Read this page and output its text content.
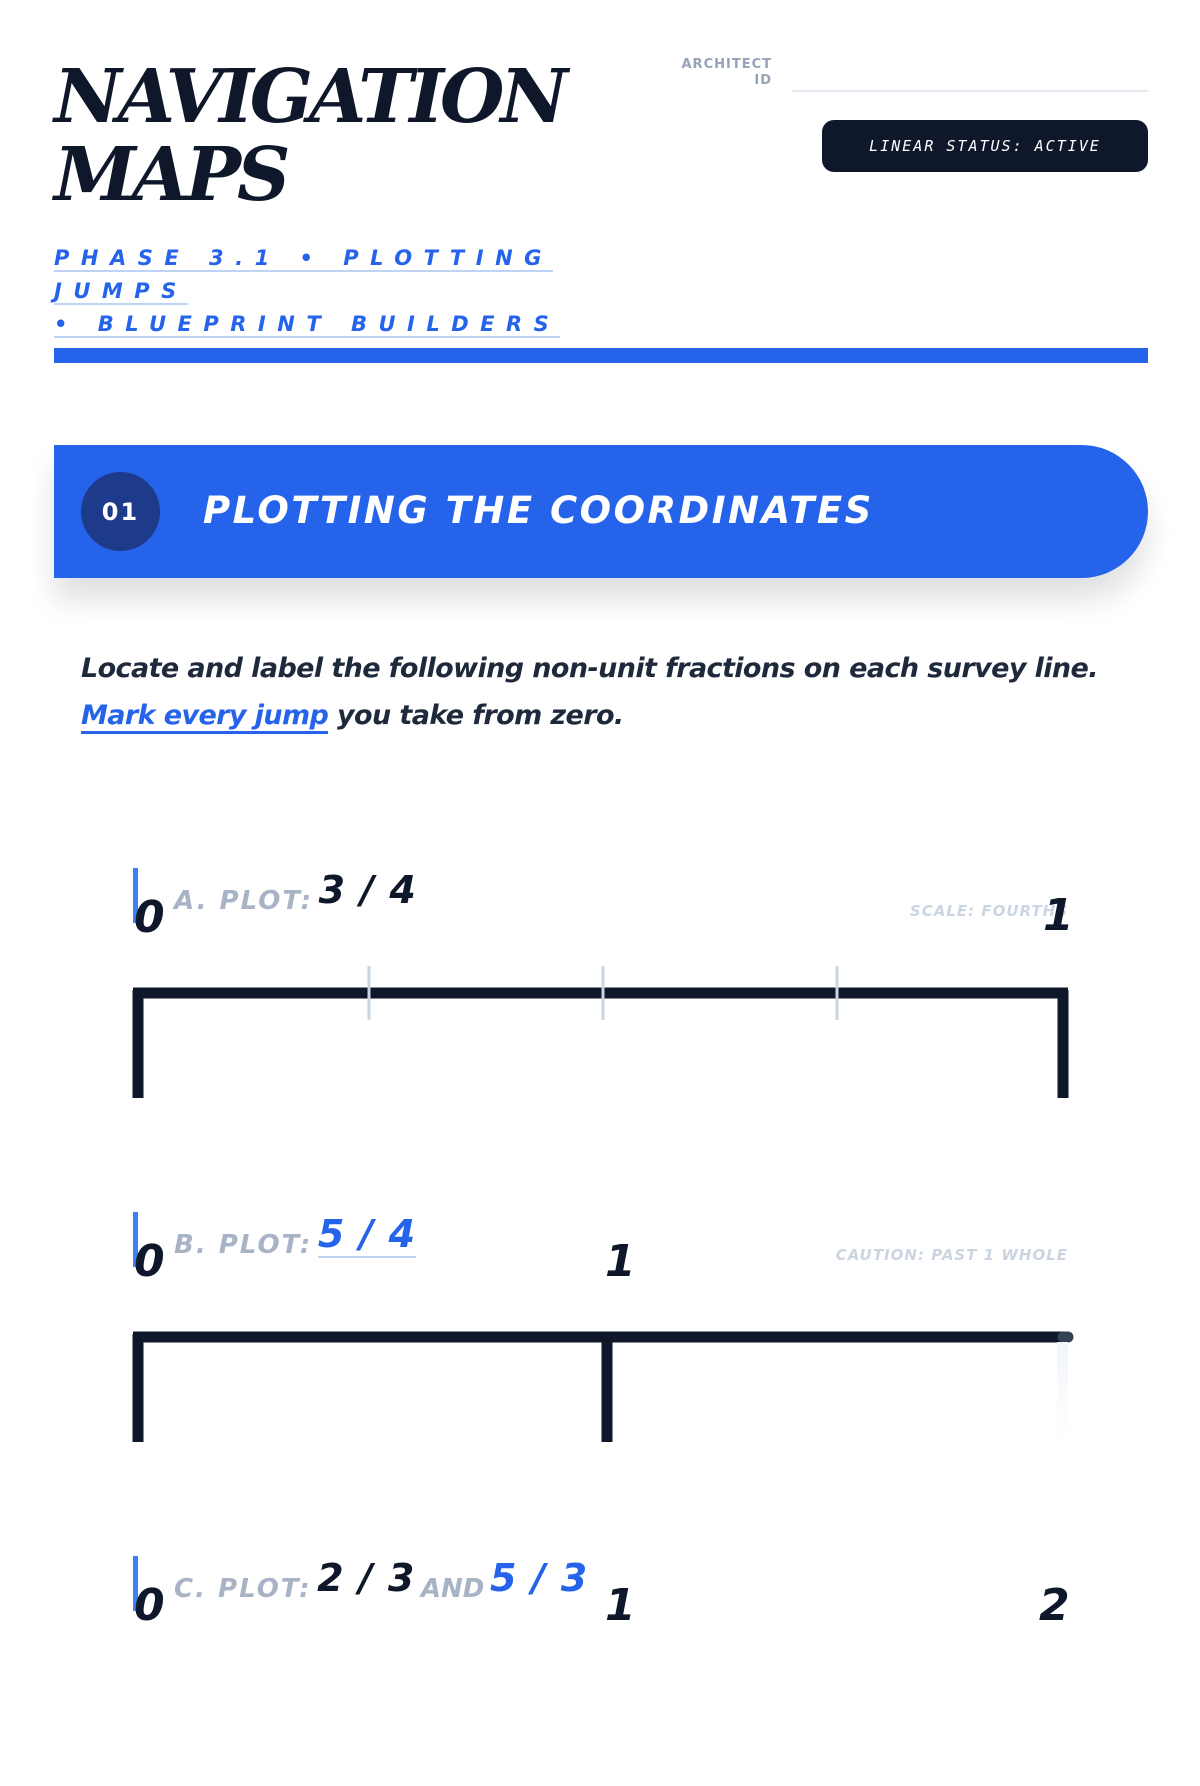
NAVIGATION
MAPS
PHASE 3.1 • PLOTTING JUMPS
• BLUEPRINT BUILDERS
ARCHITECT
ID
LINEAR STATUS: ACTIVE
01	PLOTTING THE COORDINATES
Locate and label the following non-unit fractions on each survey line. Mark every jump you take from zero.
A. PLOT: 3 / 4
0	SCALE: FOURTHS
1
B. PLOT: 5 / 4
0	1	CAUTION: PAST 1 WHOLE
C. PLOT: 2 / 3 AND 5 / 3
0	1	2
